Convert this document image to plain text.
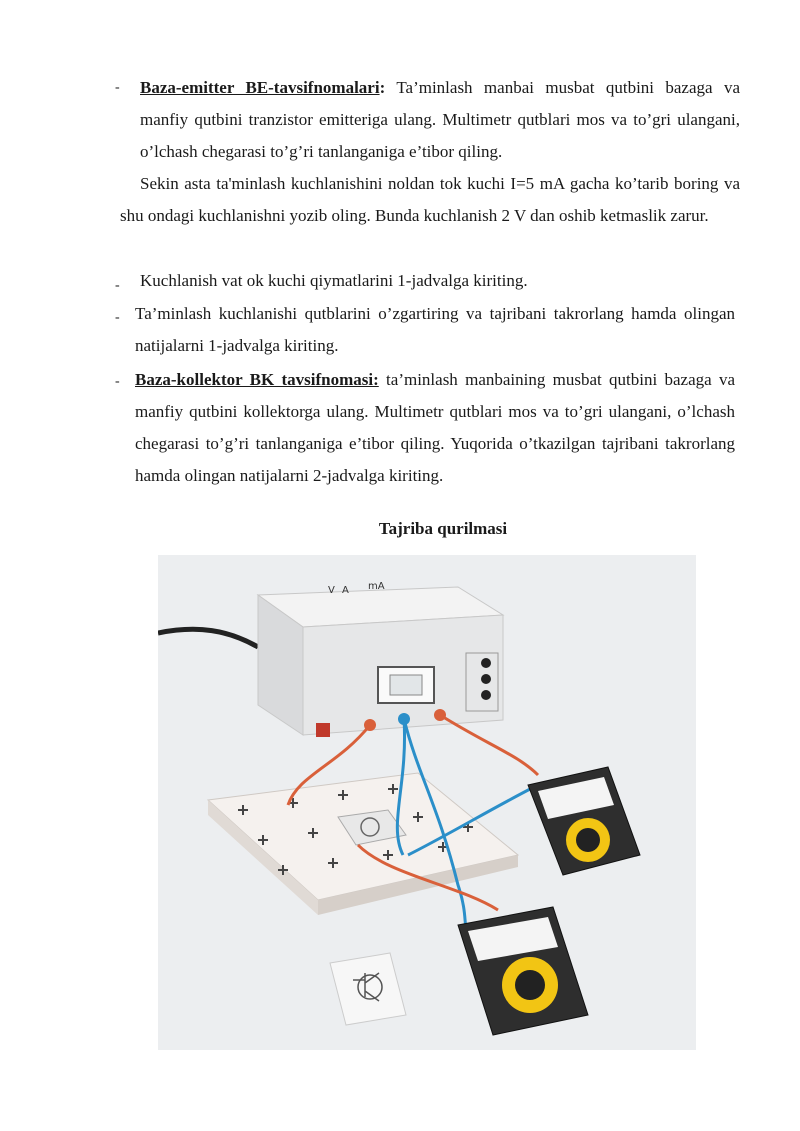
- Baza-emitter BE-tavsifnomalari: Ta’minlash manbai musbat qutbini bazaga va manfiy qutbini tranzistor emitteriga ulang. Multimetr qutblari mos va to’gri ulangani, o’lchash chegarasi to’g’ri tanlanganiga e’tibor qiling.

Sekin asta ta'minlash kuchlanishini noldan tok kuchi I=5 mA gacha ko’tarib boring va shu ondagi kuchlanishni yozib oling. Bunda kuchlanish 2 V dan oshib ketmaslik zarur.

- Kuchlanish vat ok kuchi qiymatlarini 1-jadvalga kiriting.

- Ta’minlash kuchlanishi qutblarini o’zgartiring va tajribani takrorlang hamda olingan natijalarni 1-jadvalga kiriting.

- Baza-kollektor BK tavsifnomasi: ta’minlash manbaining musbat qutbini bazaga va manfiy qutbini kollektorga ulang. Multimetr qutblari mos va to’gri ulangani, o’lchash chegarasi to’g’ri tanlanganiga e’tibor qiling. Yuqorida o’tkazilgan tajribani takrorlang hamda olingan natijalarni 2-jadvalga kiriting.

Tajriba qurilmasi
V A mA
